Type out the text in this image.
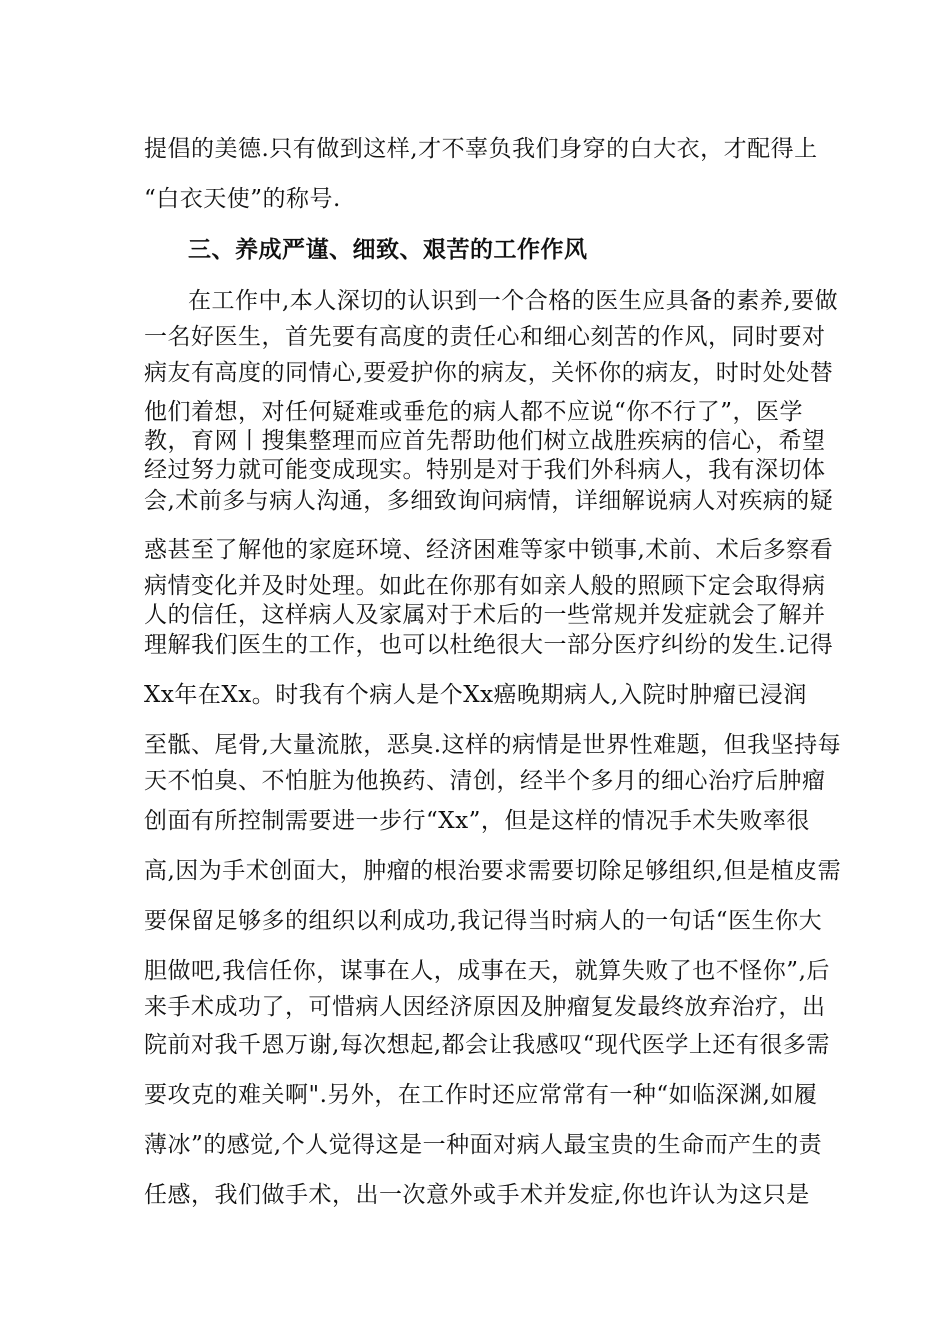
提倡的美德.只有做到这样,才不辜负我们身穿的白大衣，才配得上
“白衣天使”的称号.
三、养成严谨、细致、艰苦的工作作风
在工作中,本人深切的认识到一个合格的医生应具备的素养,要做
一名好医生，首先要有高度的责任心和细心刻苦的作风，同时要对
病友有高度的同情心,要爱护你的病友，关怀你的病友，时时处处替
他们着想，对任何疑难或垂危的病人都不应说“你不行了”，医学
教，育网丨搜集整理而应首先帮助他们树立战胜疾病的信心，希望
经过努力就可能变成现实。特别是对于我们外科病人，我有深切体
会,术前多与病人沟通，多细致询问病情，详细解说病人对疾病的疑
惑甚至了解他的家庭环境、经济困难等家中锁事,术前、术后多察看
病情变化并及时处理。如此在你那有如亲人般的照顾下定会取得病
人的信任，这样病人及家属对于术后的一些常规并发症就会了解并
理解我们医生的工作，也可以杜绝很大一部分医疗纠纷的发生.记得
Xx年在Xx。时我有个病人是个Xx癌晚期病人,入院时肿瘤已浸润
至骶、尾骨,大量流脓，恶臭.这样的病情是世界性难题，但我坚持每
天不怕臭、不怕脏为他换药、清创，经半个多月的细心治疗后肿瘤
创面有所控制需要进一步行“Xx”，但是这样的情况手术失败率很
高,因为手术创面大，肿瘤的根治要求需要切除足够组织,但是植皮需
要保留足够多的组织以利成功,我记得当时病人的一句话“医生你大
胆做吧,我信任你，谋事在人，成事在天，就算失败了也不怪你”,后
来手术成功了，可惜病人因经济原因及肿瘤复发最终放弃治疗，出
院前对我千恩万谢,每次想起,都会让我感叹“现代医学上还有很多需
要攻克的难关啊".另外，在工作时还应常常有一种“如临深渊,如履
薄冰”的感觉,个人觉得这是一种面对病人最宝贵的生命而产生的责
任感，我们做手术，出一次意外或手术并发症,你也许认为这只是
